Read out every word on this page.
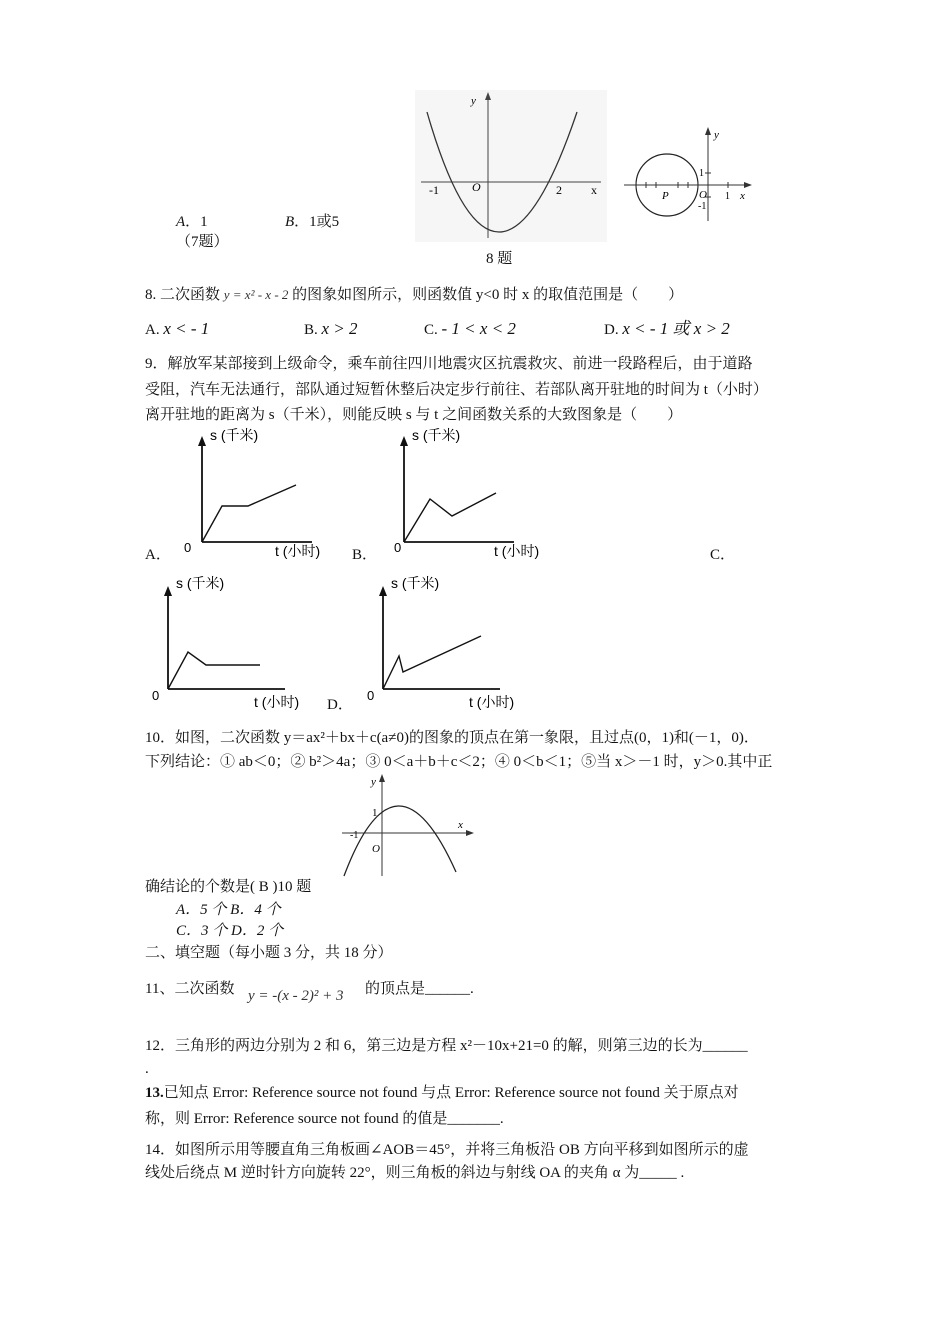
y
x
O
-1	2
y
x
O
1
-1
1
P
A．1	B．1或5
（7题）
8 题
8. 二次函数 y = x² - x - 2 的图象如图所示，则函数值 y<0 时 x 的取值范围是（　　）
A. x < - 1	B. x > 2	C. - 1 < x < 2	D. x < - 1 或 x > 2
9．解放军某部接到上级命令，乘车前往四川地震灾区抗震救灾、前进一段路程后，由于道路
受阻，汽车无法通行，部队通过短暂休整后决定步行前往、若部队离开驻地的时间为 t（小时）
离开驻地的距离为 s（千米），则能反映 s 与 t 之间函数关系的大致图象是（　　）
s (千米)
t (小时)
0
A．
s (千米)
t (小时)
0
B．	C．
s (千米)
t (小时)
0
s (千米)
t (小时)
0
D．
10．如图，二次函数 y＝ax²＋bx＋c(a≠0)的图象的顶点在第一象限，且过点(0，1)和(－1，0)．
下列结论：① ab＜0；② b²＞4a；③ 0＜a＋b＋c＜2；④ 0＜b＜1；⑤当 x＞－1 时，y＞0.其中正
y
x
O
1
-1
确结论的个数是( B )10 题
A．5 个 B．4 个
C．3 个 D．2 个
二、填空题（每小题 3 分，共 18 分）
11、二次函数 y = -(x - 2)² + 3 的顶点是______.
12．三角形的两边分别为 2 和 6，第三边是方程 x²－10x+21=0 的解，则第三边的长为______
.
13.已知点 Error: Reference source not found 与点 Error: Reference source not found 关于原点对
称，则 Error: Reference source not found 的值是_______.
14．如图所示用等腰直角三角板画∠AOB＝45°，并将三角板沿 OB 方向平移到如图所示的虚
线处后绕点 M 逆时针方向旋转 22°，则三角板的斜边与射线 OA 的夹角 α 为_____ .
